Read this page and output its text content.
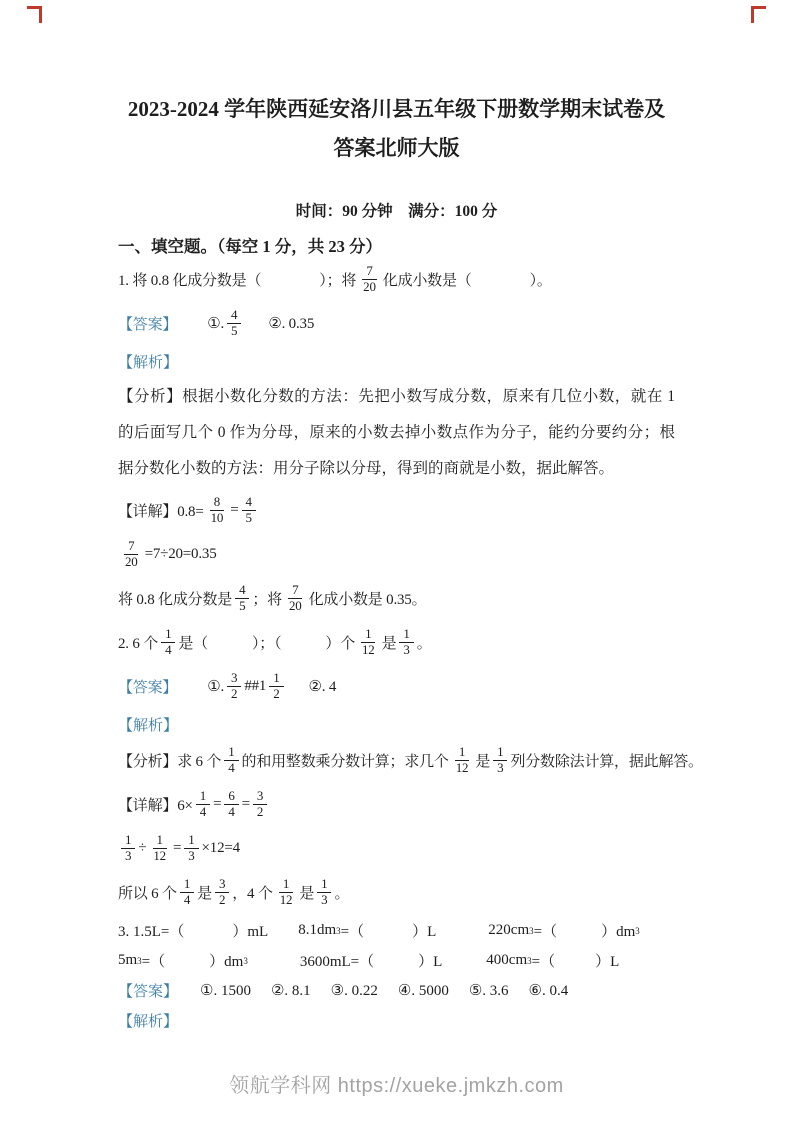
2023-2024 学年陕西延安洛川县五年级下册数学期末试卷及
答案北师大版
时间：90 分钟　满分：100 分
一、填空题。（每空 1 分，共 23 分）
1. 将 0.8 化成分数是（	）；将 $\frac{7}{20}$ 化成小数是（	）。
【答案】 ①. $\frac{4}{5}$ ②. 0.35
【解析】
【分析】根据小数化分数的方法：先把小数写成分数，原来有几位小数，就在 1 的后面写几个 0 作为分母，原来的小数去掉小数点作为分子，能约分要约分；根据分数化小数的方法：用分子除以分母，得到的商就是小数，据此解答。
【详解】$0.8= \frac{8}{10} = \frac{4}{5}$
$\frac{7}{20} =7\div 20=0.35$
将 0.8 化成分数是 $\frac{4}{5}$ ；将 $\frac{7}{20}$ 化成小数是 0.35。
2. 6 个 $\frac{1}{4}$ 是（	）；（	）个 $\frac{1}{12}$ 是 $\frac{1}{3}$ 。
【答案】 ①. $\frac{3}{2}$ ##1 $\frac{1}{2}$ ②. 4
【解析】
【分析】求 6 个 $\frac{1}{4}$ 的和用整数乘分数计算；求几个 $\frac{1}{12}$ 是 $\frac{1}{3}$ 列分数除法计算，据此解答。
【详解】$6\times \frac{1}{4} = \frac{6}{4} = \frac{3}{2}$
$\frac{1}{3} \div \frac{1}{12} = \frac{1}{3} \times 12=4$
所以 6 个 $\frac{1}{4}$ 是 $\frac{3}{2}$ ，4 个 $\frac{1}{12}$ 是 $\frac{1}{3}$ 。
3. 1.5L=（	）mL 8.1dm 3 =（	）L	220cm 3 =（	）dm 3
5m 3 =（	）dm 3	3600mL=（	）L	400cm 3 =（	）L
【答案】 ①. 1500 ②. 8.1 ③. 0.22 ④. 5000 ⑤. 3.6 ⑥. 0.4
【解析】
领航学科网 https://xueke.jmkzh.com
